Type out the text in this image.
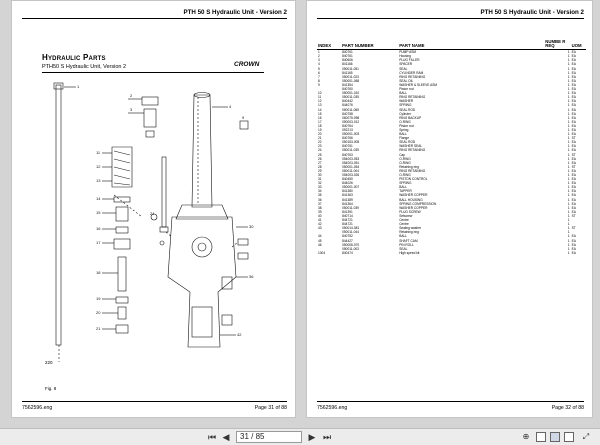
PTH 50 S Hydraulic Unit - Version 2
Hydraulic Parts
PTH50 S Hydraulic Unit, Version 2	CROWN
1
2
3
11
12
13
14
15
16
17
18
19
20
21
4
30
36
42
9
24
220
Fig. 8
7562596.eng	Page 31 of 88
PTH 50 S Hydraulic Unit - Version 2
INDEX	PART NUMBER	PART NAME	NUMBE R REQ	UOM
1	840761	PUMP ASM	1	EA
2	840761	Housing	1	EA
3	840606	PLUG FILLER	1	EA
4	841166	SPACER	1	EA
5	050011-051	SEAL	1	EA
6	841165	CYLINDER RAM	1	EA
7	050011-023	RING RETAINING	1	EA
8	050001-068	SEAL OIL	1	EA
9	841354	WASHER & SLEEVE ASM	1	EA
	840760	Piston rod	1	EA
10	050001-010	BALL	1	EA
11	050011-035	RING RETAINING	1	EA
12	840442	WASHER	1	EA
13	844076	SPRING	1	EA
14	050011-065	SEAL ROD	1	EA
15	840758	Cylinder	1	EA
16	060075-098	RING BACKUP	1	EA
17	050003-012	O-RING	1	EA
18	840764	Piston rod	1	EA
19	092213	Spring	1	EA
20	050001-003	BALL	1	EA
21	840766	Flange	1	ST
22	050153-005	SEAL ROD	1	EA
23	840761	WASHER SEAL	1	EA
24	050011-035	RING RETAINING	1	EA
25	840763	Cap	1	ST
26	054003-053	O-RING	1	EA
27	054003-051	O-RING	1	EA
28	050001-054	Retaining ring	1	ST
29	050011-004	RING RETAINING	1	EA
30	054003-026	O-RING	1	EA
31	840450	PISTON CONTROL	1	EA
32	844026	SPRING	1	EA
33	050001-007	BALL	1	EA
34	841380	TAPPER	1	EA
35	841363	WASHER COPPER	1	EA
36	841389	BALL HOUSING	1	EA
37	841364	SPRING COMPRESSION	1	EA
38	050011-039	WASHER COPPER	1	EA
39	841391	PLUG SCREW	1	EA
40	840714	Setscrew	1	ST
41	844721	Centre	1	
42	844721	Centre	1	
43	050014-081	Sealing washer	1	ST
	050011-044	Retaining ring	1	
44	840752	BALL	1	EA
45	844427	SHAFT CAM	1	EA
46	050006-070	PIN ROLL	1	EA
	050011-003	SEAL	1	EA
1004	840474	High speed kit	1	EA
7562596.eng	Page 32 of 88
⏮ ◀	31 / 85	▶ ⏭	⊕	⤢
